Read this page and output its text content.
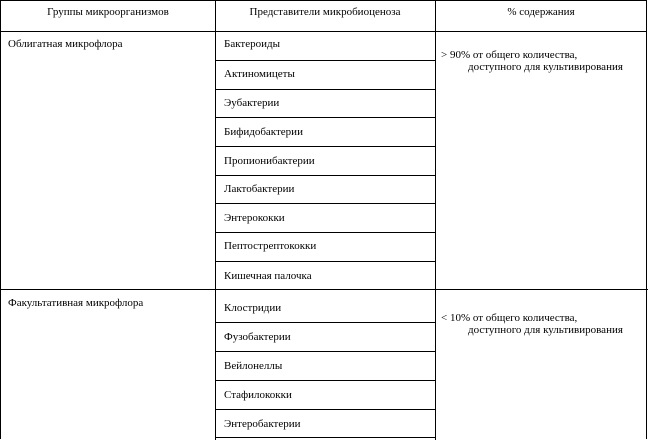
Группы микроорганизмов	Представители микробиоценоза	% содержания
Облигатная микрофлора
> 90% от общего количества,
доступного для культивирования
Бактероиды
Актиномицеты
Эубактерии
Бифидобактерии
Пропионибактерии
Лактобактерии
Энтерококки
Пептострептококки
Кишечная палочка
Факультативная микрофлора
< 10% от общего количества,
доступного для культивирования
Клостридии
Фузобактерии
Вейлонеллы
Стафилококки
Энтеробактерии
